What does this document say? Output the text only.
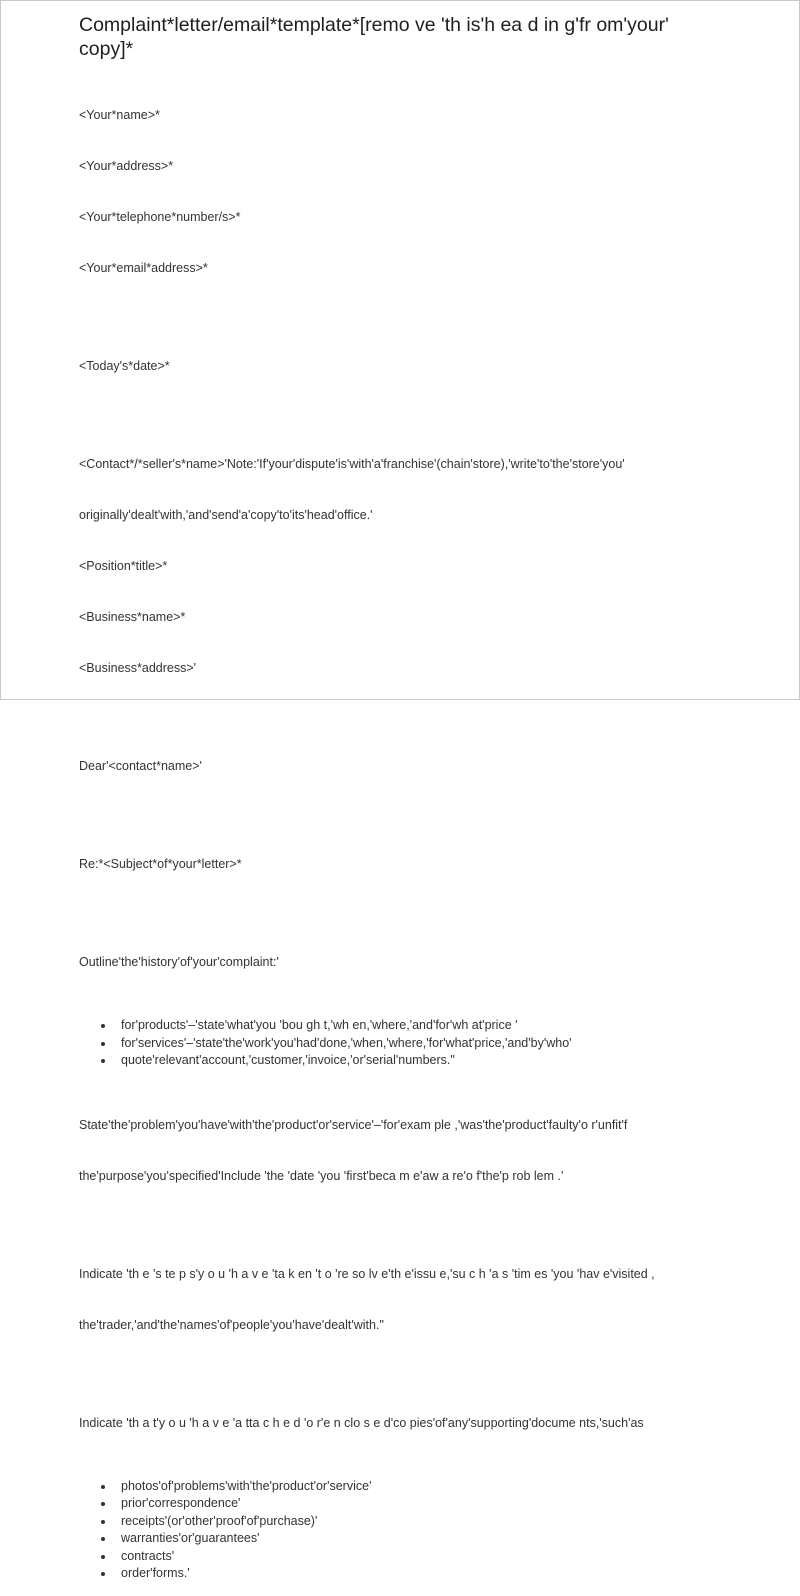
Complaint*letter/email*template*[remo ve 'th is'h ea d in g'fr om'your'
copy]*

<Your*name>*

<Your*address>*

<Your*telephone*number/s>*

<Your*email*address>*

<Today's*date>*

<Contact*/*seller's*name>'Note:'If'your'dispute'is'with'a'franchise'(chain'store),'write'to'the'store'you'

originally'dealt'with,'and'send'a'copy'to'its'head'office.'

<Position*title>*

<Business*name>*

<Business*address>'

Dear'<contact*name>'

Re:*<Subject*of*your*letter>*

Outline'the'history'of'your'complaint:'

for'products'–'state'what'you 'bou gh t,'wh en,'where,'and'for'wh at'price '
for'services'–'state'the'work'you'had'done,'when,'where,'for'what'price,'and'by'who'
quote'relevant'account,'customer,'invoice,'or'serial'numbers."

State'the'problem'you'have'with'the'product'or'service'–'for'exam ple ,'was'the'product'faulty'o r'unfit'f

the'purpose'you'specified'Include 'the 'date 'you 'first'beca m e'aw a re'o f'the'p rob lem .'

Indicate 'th e 's te p s'y o u 'h a v e 'ta k en 't o 're so lv e'th e'issu e,'su c h 'a s 'tim es 'you 'hav e'visited ,

the'trader,'and'the'names'of'people'you'have'dealt'with."

Indicate 'th a t'y o u 'h a v e 'a tta c h e d 'o r'e n clo s e d'co pies'of'any'supporting'docume nts,'such'as

photos'of'problems'with'the'product'or'service'
prior'correspondence'
receipts'(or'other'proof'of'purchase)'
warranties'or'guarantees'
contracts'
order'forms.'
